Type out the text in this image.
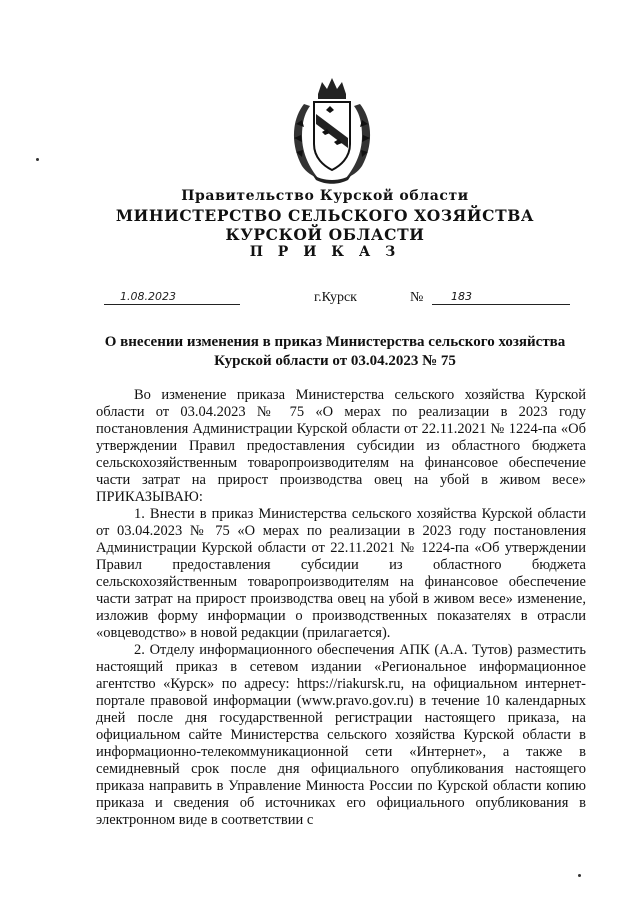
Правительство Курской области
МИНИСТЕРСТВО СЕЛЬСКОГО ХОЗЯЙСТВА
КУРСКОЙ ОБЛАСТИ
П Р И К А З
1.08.2023	г.Курск	№	183
О внесении изменения в приказ Министерства сельского хозяйства
Курской области от 03.04.2023 № 75

Во изменение приказа Министерства сельского хозяйства Курской области от 03.04.2023 № 75 «О мерах по реализации в 2023 году постановления Администрации Курской области от 22.11.2021 № 1224-па «Об утверждении Правил предоставления субсидии из областного бюджета сельскохозяйственным товаропроизводителям на финансовое обеспечение части затрат на прирост производства овец на убой в живом весе» ПРИКАЗЫВАЮ:

1. Внести в приказ Министерства сельского хозяйства Курской области от 03.04.2023 № 75 «О мерах по реализации в 2023 году постановления Администрации Курской области от 22.11.2021 № 1224-па «Об утверждении Правил предоставления субсидии из областного бюджета сельскохозяйственным товаропроизводителям на финансовое обеспечение части затрат на прирост производства овец на убой в живом весе» изменение, изложив форму информации о производственных показателях в отрасли «овцеводство» в новой редакции (прилагается).

2. Отделу информационного обеспечения АПК (А.А. Тутов) разместить настоящий приказ в сетевом издании «Региональное информационное агентство «Курск» по адресу: https://riakursk.ru, на официальном интернет-портале правовой информации (www.pravo.gov.ru) в течение 10 календарных дней после дня государственной регистрации настоящего приказа, на официальном сайте Министерства сельского хозяйства Курской области в информационно-телекоммуникационной сети «Интернет», а также в семидневный срок после дня официального опубликования настоящего приказа направить в Управление Минюста России по Курской области копию приказа и сведения об источниках его официального опубликования в электронном виде в соответствии с
